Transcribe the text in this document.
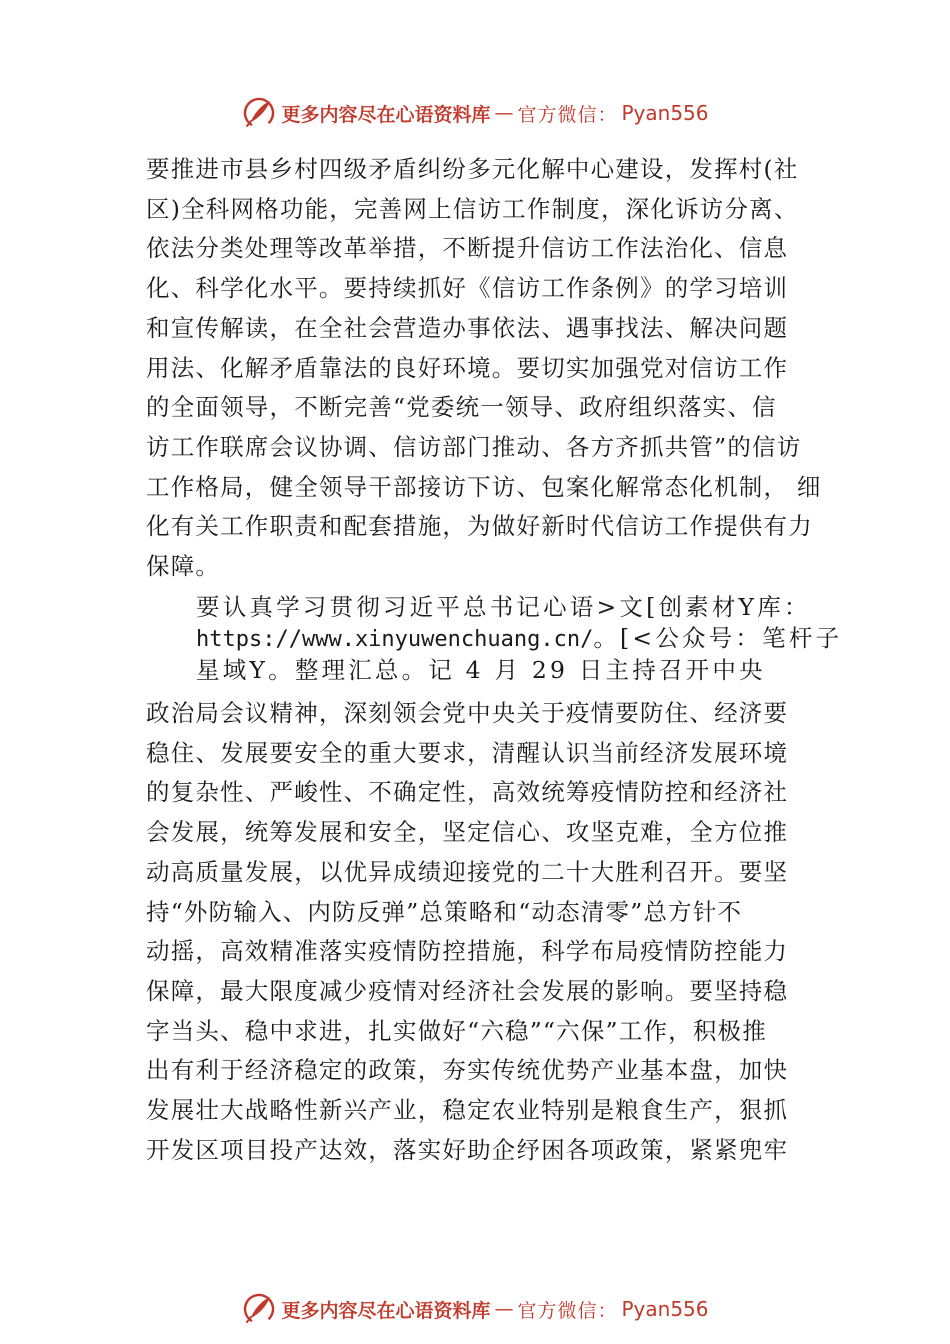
更多内容尽在心语资料库 — 官方微信： Pyan556
要推进市县乡村四级矛盾纠纷多元化解中心建设，发挥村(社
区)全科网格功能，完善网上信访工作制度，深化诉访分离、
依法分类处理等改革举措，不断提升信访工作法治化、信息
化、科学化水平。要持续抓好《信访工作条例》的学习培训
和宣传解读，在全社会营造办事依法、遇事找法、解决问题
用法、化解矛盾靠法的良好环境。要切实加强党对信访工作
的全面领导，不断完善“党委统一领导、政府组织落实、信
访工作联席会议协调、信访部门推动、各方齐抓共管”的信访
工作格局，健全领导干部接访下访、包案化解常态化机制， 细
化有关工作职责和配套措施，为做好新时代信访工作提供有力
保障。
要认真学习贯彻习近平总书记心语>文[创素材Y库：
https://www.xinyuwenchuang.cn/。[<公众号：笔杆子
星域Y。整理汇总。记 4 月 29 日主持召开中央
政治局会议精神，深刻领会党中央关于疫情要防住、经济要
稳住、发展要安全的重大要求，清醒认识当前经济发展环境
的复杂性、严峻性、不确定性，高效统筹疫情防控和经济社
会发展，统筹发展和安全，坚定信心、攻坚克难，全方位推
动高质量发展，以优异成绩迎接党的二十大胜利召开。要坚
持“外防输入、内防反弹”总策略和“动态清零”总方针不
动摇，高效精准落实疫情防控措施，科学布局疫情防控能力
保障，最大限度减少疫情对经济社会发展的影响。要坚持稳
字当头、稳中求进，扎实做好“六稳”“六保”工作，积极推
出有利于经济稳定的政策，夯实传统优势产业基本盘，加快
发展壮大战略性新兴产业，稳定农业特别是粮食生产，狠抓
开发区项目投产达效，落实好助企纾困各项政策，紧紧兜牢
更多内容尽在心语资料库 — 官方微信： Pyan556
